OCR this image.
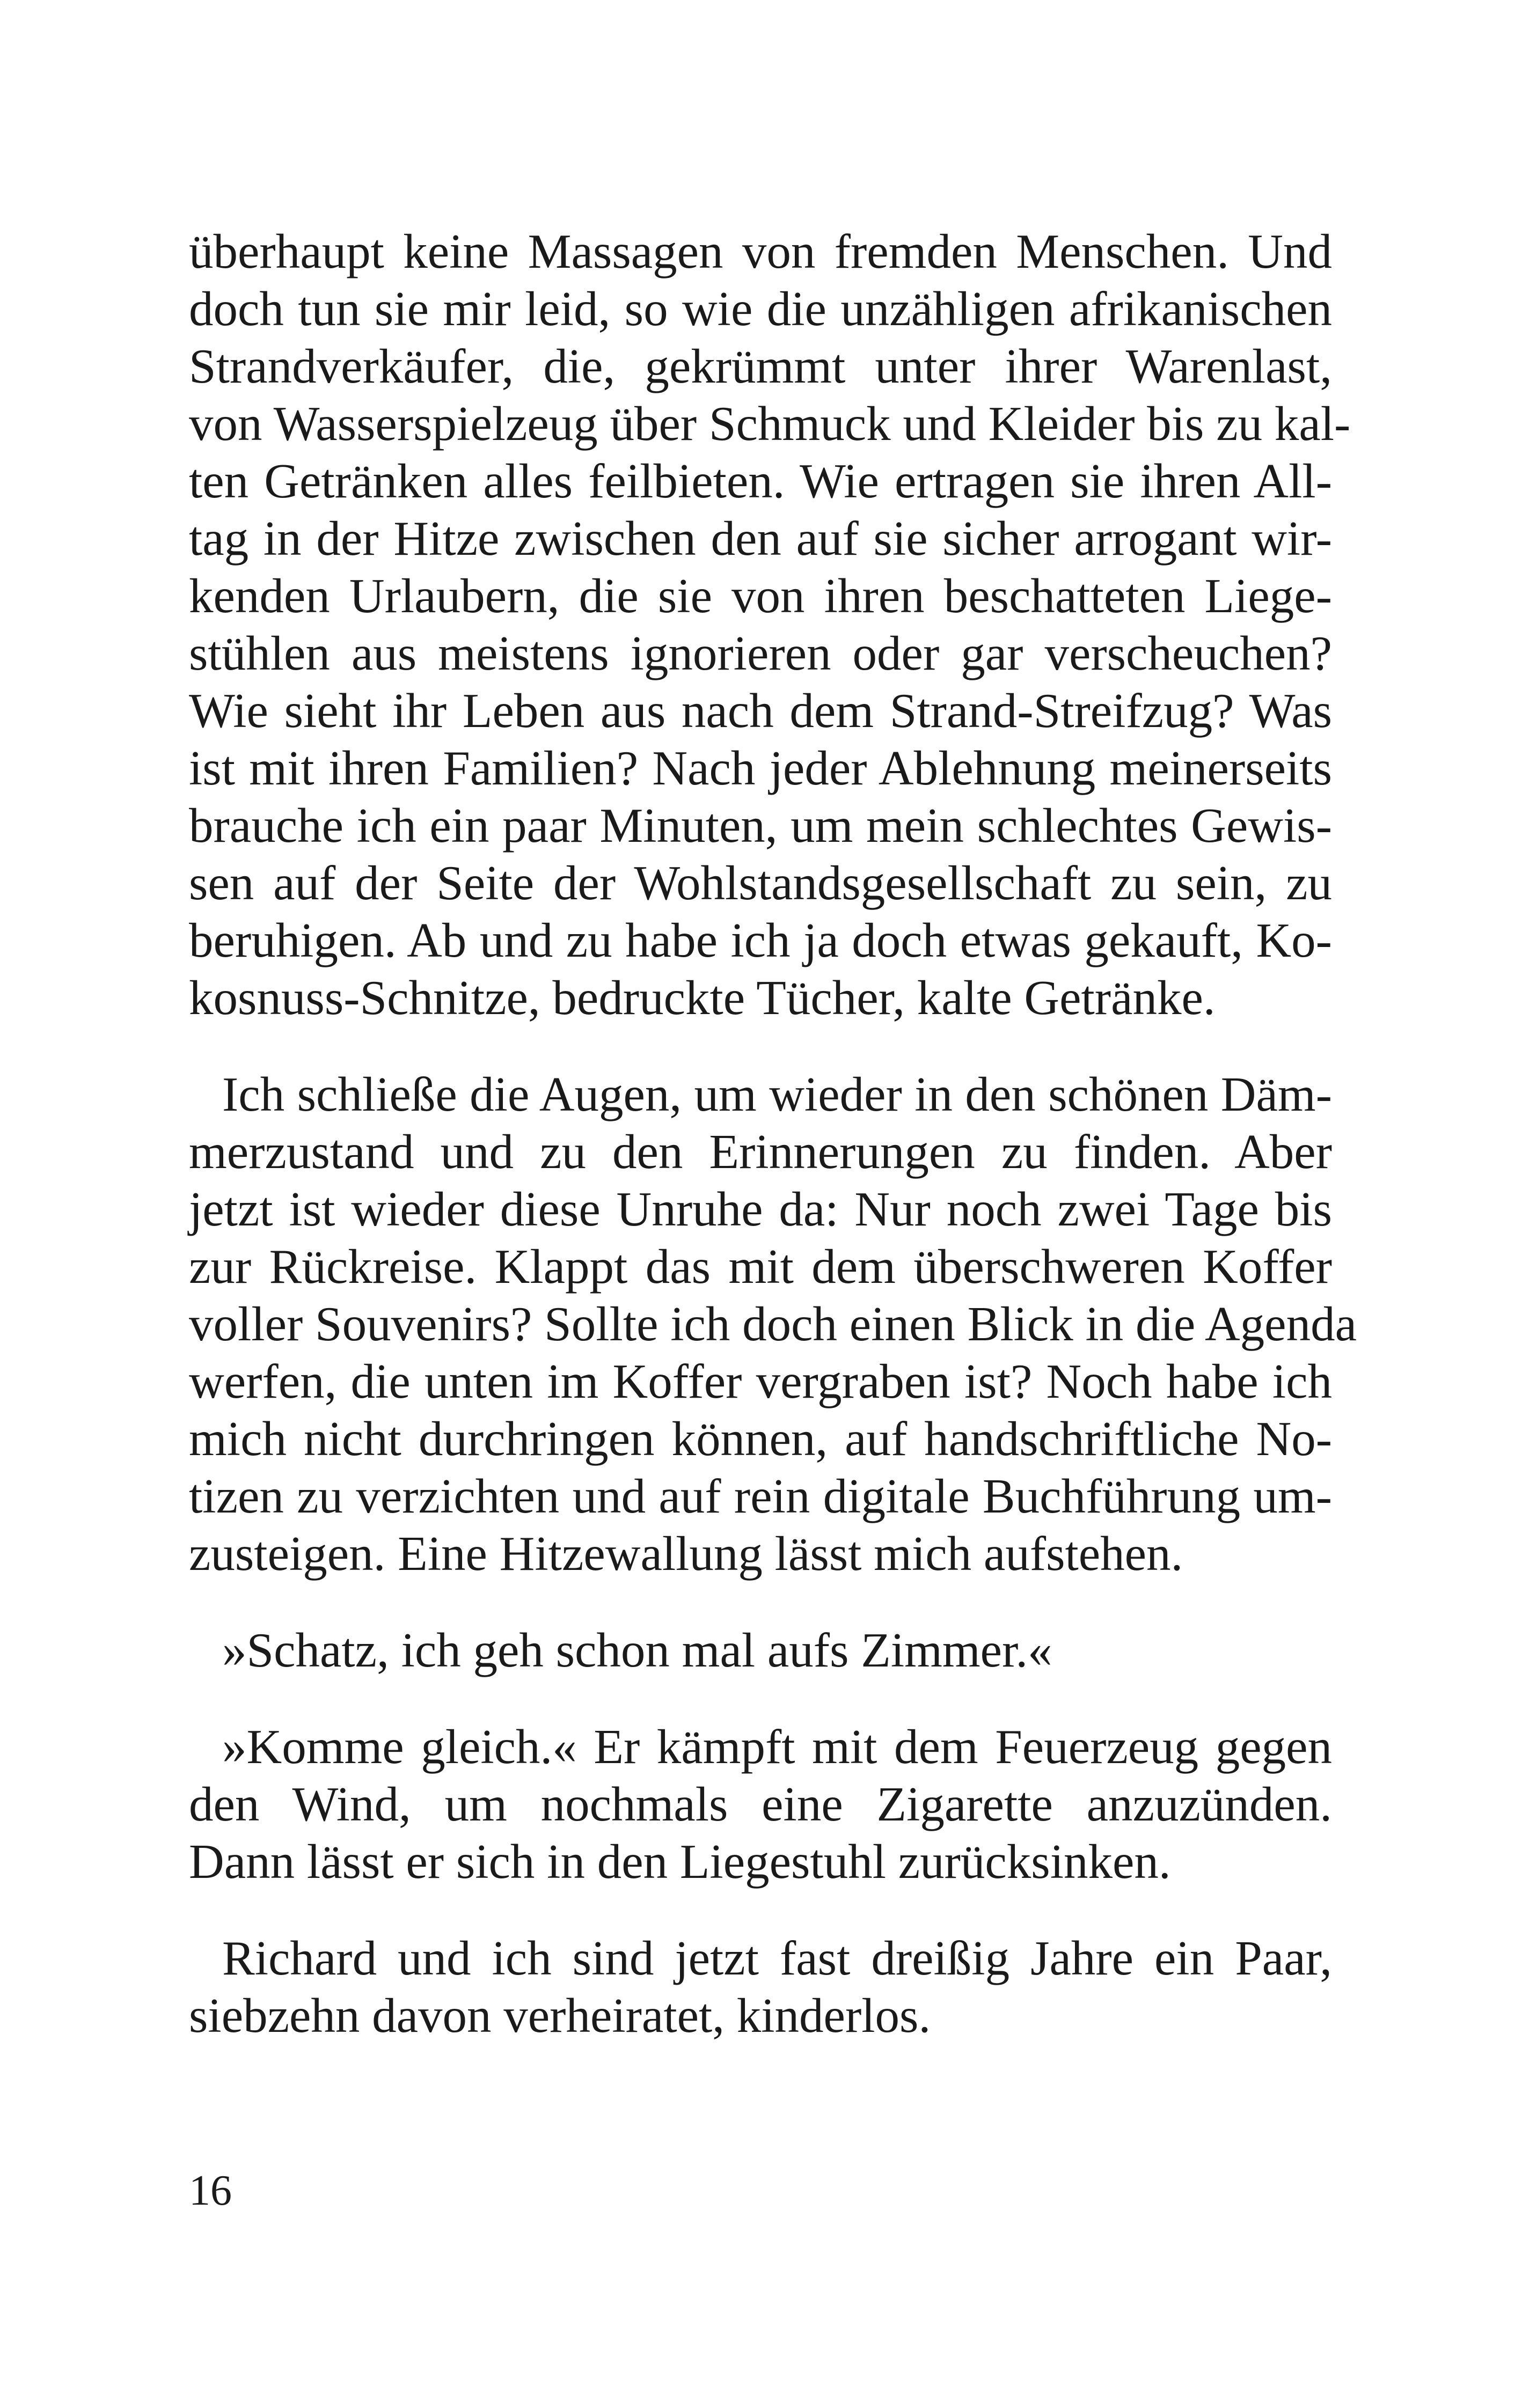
überhaupt keine Massagen von fremden Menschen. Und
doch tun sie mir leid, so wie die unzähligen afrikanischen
Strandverkäufer, die, gekrümmt unter ihrer Warenlast,
von Wasserspielzeug über Schmuck und Kleider bis zu kal-
ten Getränken alles feilbieten. Wie ertragen sie ihren All-
tag in der Hitze zwischen den auf sie sicher arrogant wir-
kenden Urlaubern, die sie von ihren beschatteten Liege-
stühlen aus meistens ignorieren oder gar verscheuchen?
Wie sieht ihr Leben aus nach dem Strand-Streifzug? Was
ist mit ihren Familien? Nach jeder Ablehnung meinerseits
brauche ich ein paar Minuten, um mein schlechtes Gewis-
sen auf der Seite der Wohlstandsgesellschaft zu sein, zu
beruhigen. Ab und zu habe ich ja doch etwas gekauft, Ko-
kosnuss-Schnitze, bedruckte Tücher, kalte Getränke.

Ich schließe die Augen, um wieder in den schönen Däm-
merzustand und zu den Erinnerungen zu finden. Aber
jetzt ist wieder diese Unruhe da: Nur noch zwei Tage bis
zur Rückreise. Klappt das mit dem überschweren Koffer
voller Souvenirs? Sollte ich doch einen Blick in die Agenda
werfen, die unten im Koffer vergraben ist? Noch habe ich
mich nicht durchringen können, auf handschriftliche No-
tizen zu verzichten und auf rein digitale Buchführung um-
zusteigen. Eine Hitzewallung lässt mich aufstehen.

»Schatz, ich geh schon mal aufs Zimmer.«

»Komme gleich.« Er kämpft mit dem Feuerzeug gegen
den Wind, um nochmals eine Zigarette anzuzünden.
Dann lässt er sich in den Liegestuhl zurücksinken.

Richard und ich sind jetzt fast dreißig Jahre ein Paar,
siebzehn davon verheiratet, kinderlos.

16
